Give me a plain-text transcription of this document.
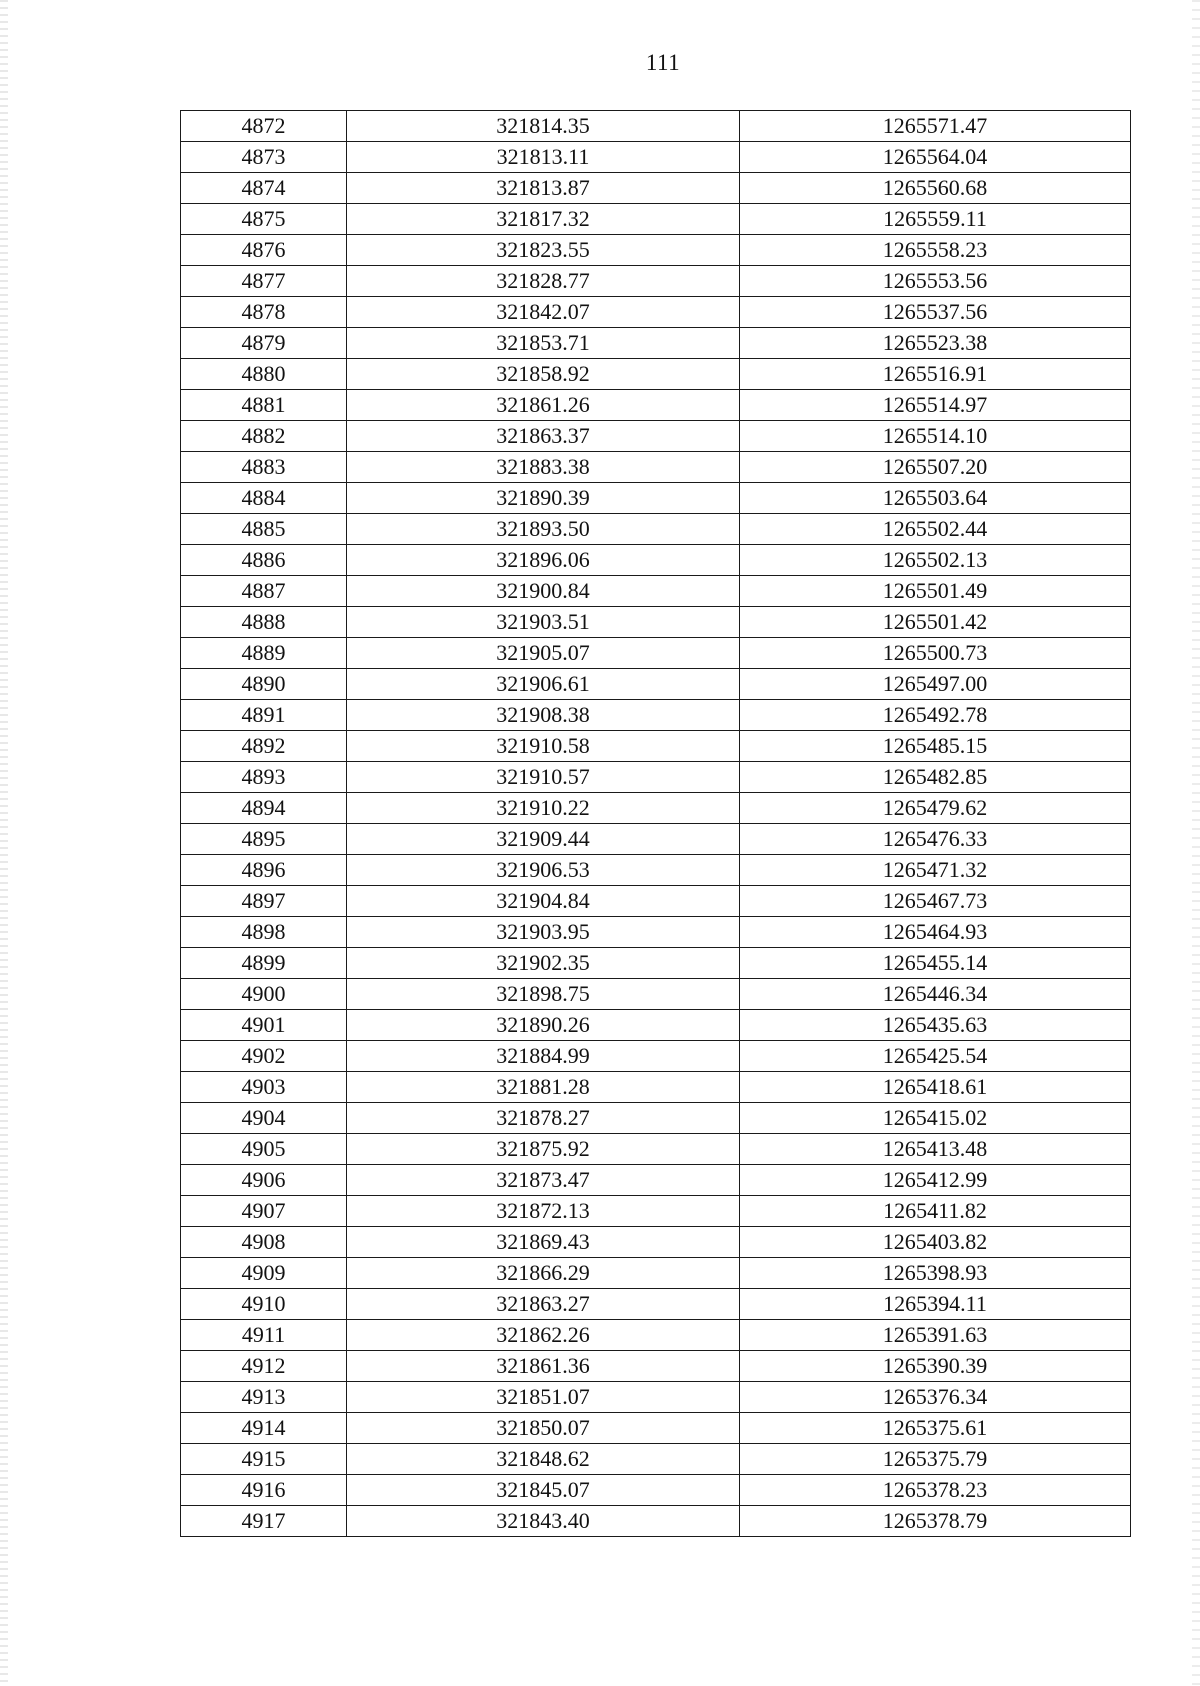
111
4872	321814.35	1265571.47
4873	321813.11	1265564.04
4874	321813.87	1265560.68
4875	321817.32	1265559.11
4876	321823.55	1265558.23
4877	321828.77	1265553.56
4878	321842.07	1265537.56
4879	321853.71	1265523.38
4880	321858.92	1265516.91
4881	321861.26	1265514.97
4882	321863.37	1265514.10
4883	321883.38	1265507.20
4884	321890.39	1265503.64
4885	321893.50	1265502.44
4886	321896.06	1265502.13
4887	321900.84	1265501.49
4888	321903.51	1265501.42
4889	321905.07	1265500.73
4890	321906.61	1265497.00
4891	321908.38	1265492.78
4892	321910.58	1265485.15
4893	321910.57	1265482.85
4894	321910.22	1265479.62
4895	321909.44	1265476.33
4896	321906.53	1265471.32
4897	321904.84	1265467.73
4898	321903.95	1265464.93
4899	321902.35	1265455.14
4900	321898.75	1265446.34
4901	321890.26	1265435.63
4902	321884.99	1265425.54
4903	321881.28	1265418.61
4904	321878.27	1265415.02
4905	321875.92	1265413.48
4906	321873.47	1265412.99
4907	321872.13	1265411.82
4908	321869.43	1265403.82
4909	321866.29	1265398.93
4910	321863.27	1265394.11
4911	321862.26	1265391.63
4912	321861.36	1265390.39
4913	321851.07	1265376.34
4914	321850.07	1265375.61
4915	321848.62	1265375.79
4916	321845.07	1265378.23
4917	321843.40	1265378.79
